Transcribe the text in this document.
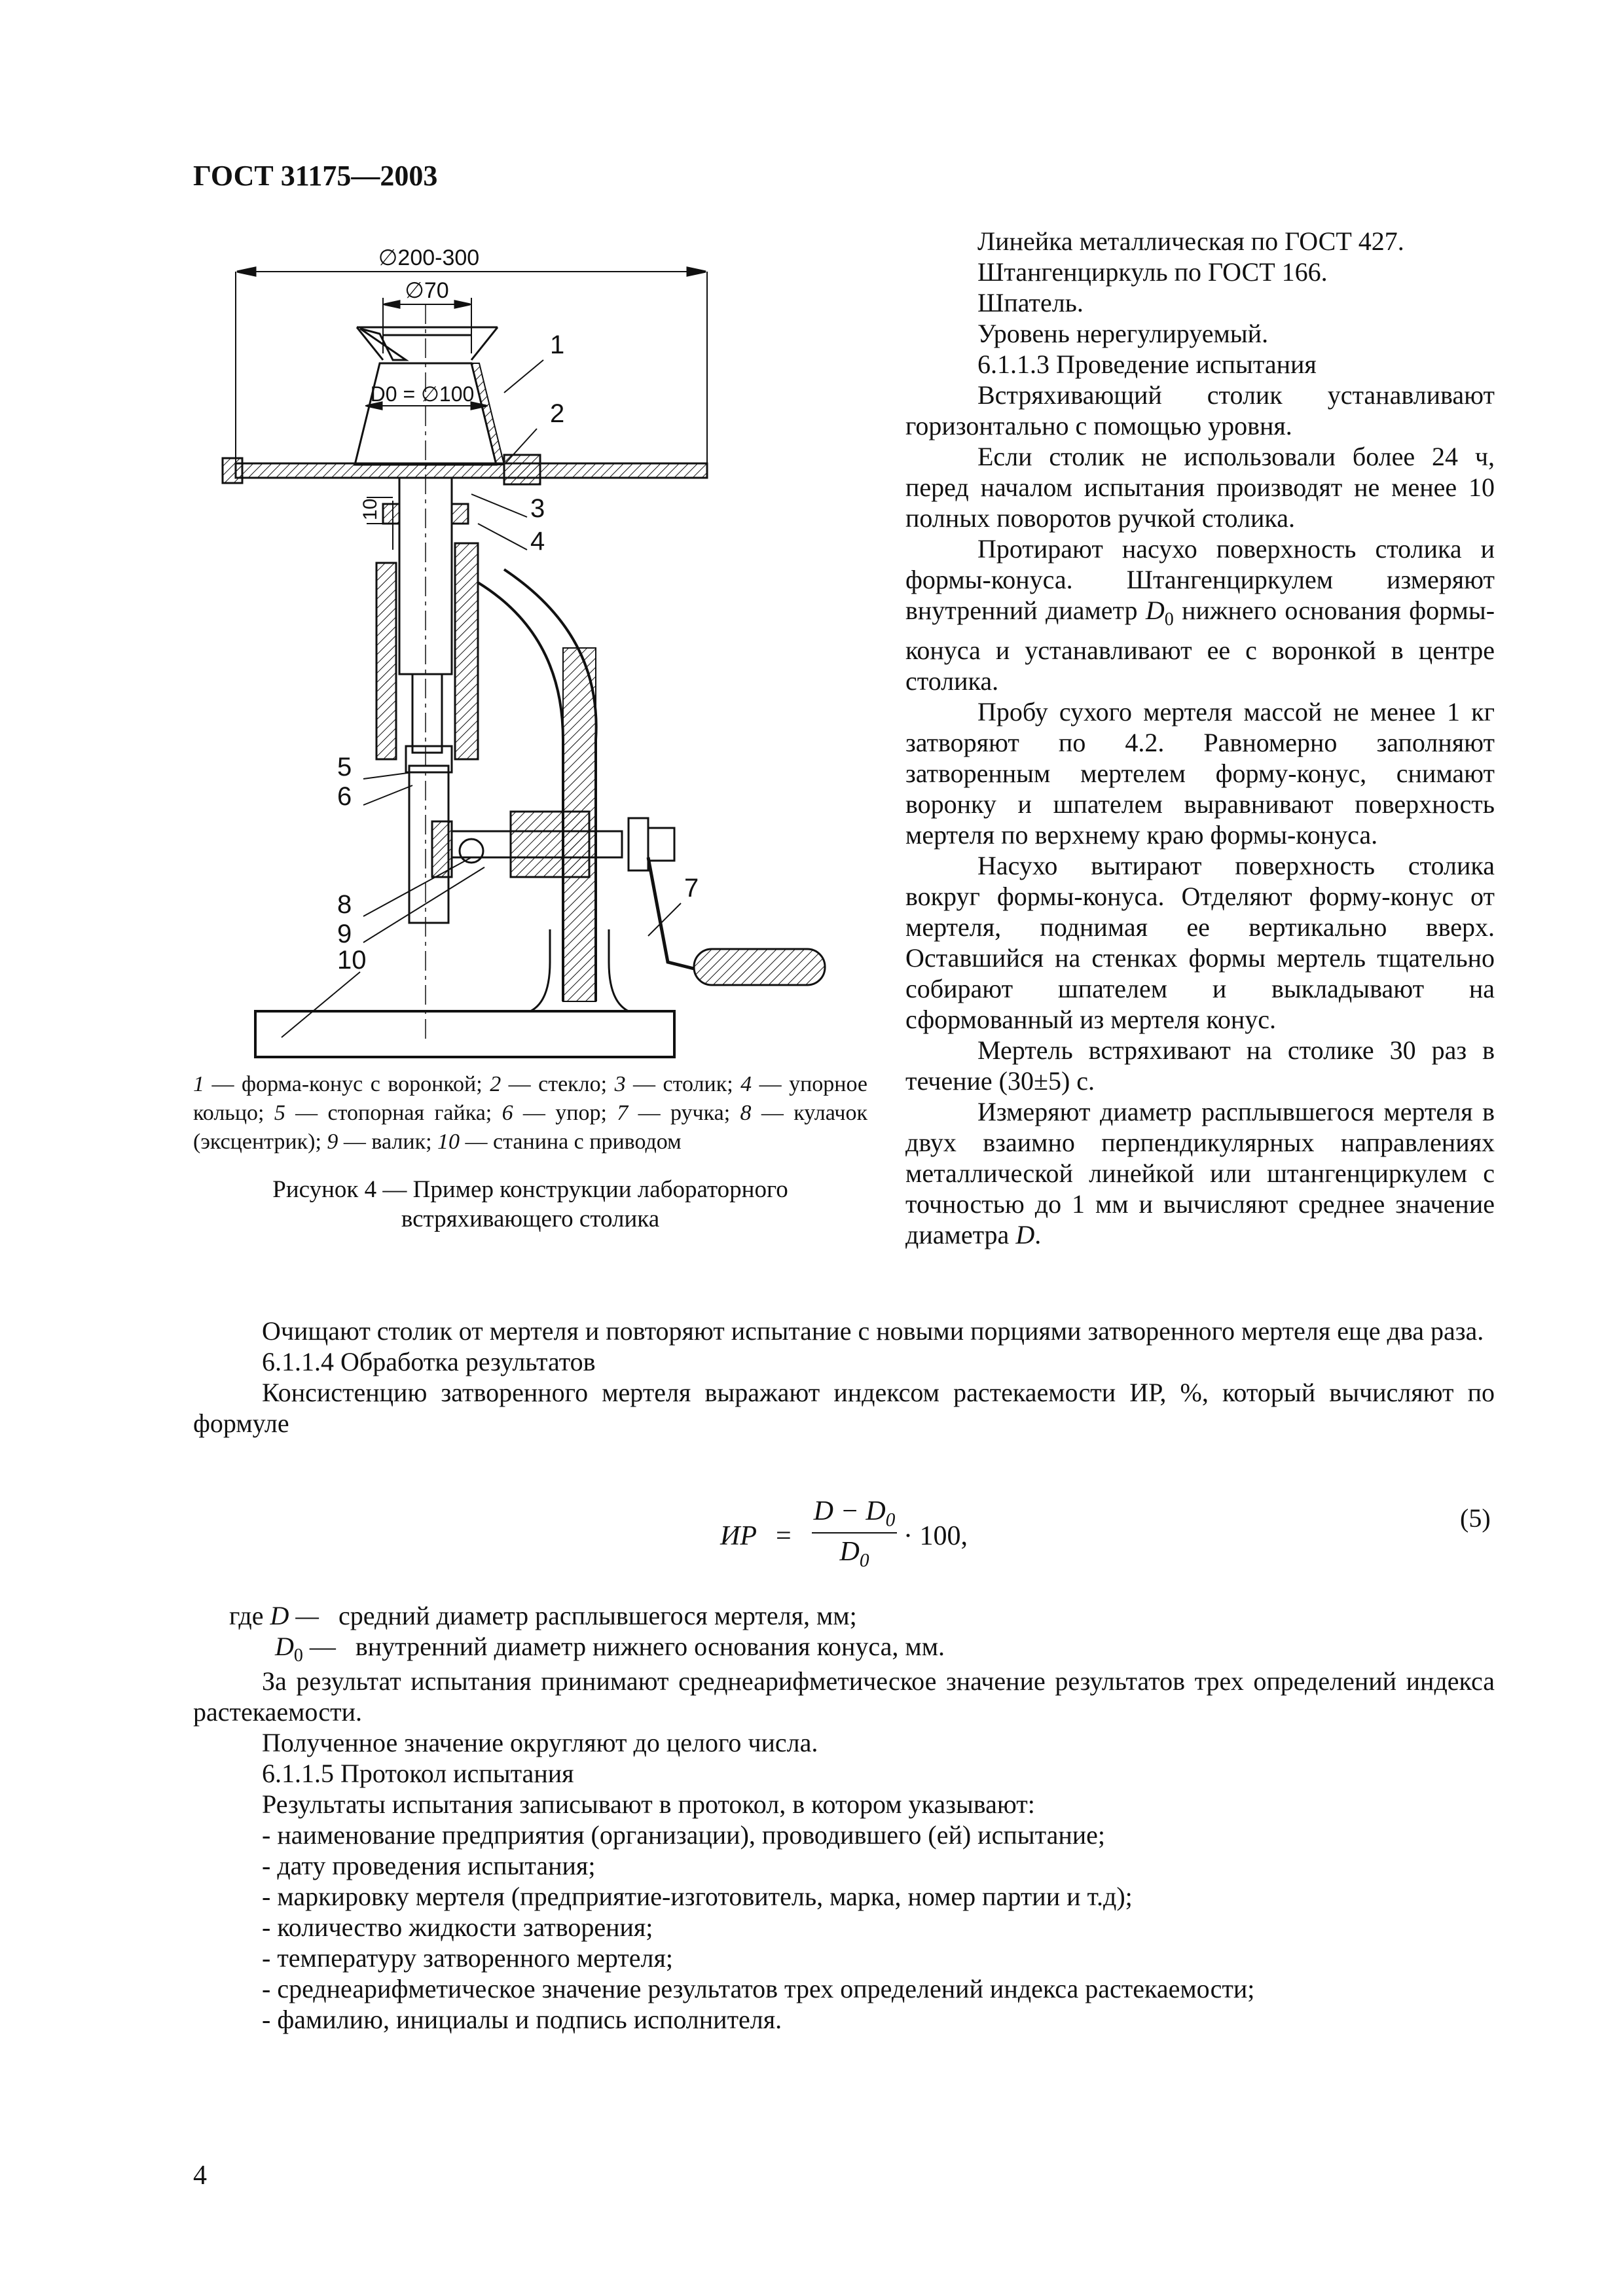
ГОСТ 31175—2003
∅200-300
∅70
D0 = ∅100
10
1
2
3
4
5
6
7
8
9
10
1 — форма-конус с воронкой; 2 — стекло; 3 — столик; 4 — упорное кольцо; 5 — стопорная гайка; 6 — упор; 7 — ручка; 8 — кулачок (эксцентрик); 9 — валик; 10 — станина с приводом
Рисунок 4 — Пример конструкции лабораторного
встряхивающего столика

Линейка металлическая по ГОСТ 427.

Штангенциркуль по ГОСТ 166.

Шпатель.

Уровень нерегулируемый.

6.1.1.3 Проведение испытания

Встряхивающий столик устанавливают горизонтально с помощью уровня.

Если столик не использовали более 24 ч, перед началом испытания производят не менее 10 полных поворотов ручкой столика.

Протирают насухо поверхность столика и формы-конуса. Штангенциркулем измеряют внутренний диаметр $D_0$ нижнего основания формы-конуса и устанавливают ее с воронкой в центре столика.

Пробу сухого мертеля массой не менее 1 кг затворяют по 4.2. Равномерно заполняют затворенным мертелем форму-конус, снимают воронку и шпателем выравнивают поверхность мертеля по верхнему краю формы-конуса.

Насухо вытирают поверхность столика вокруг формы-конуса. Отделяют форму-конус от мертеля, поднимая ее вертикально вверх. Оставшийся на стенках формы мертель тщательно собирают шпателем и выкладывают на сформованный из мертеля конус.

Мертель встряхивают на столике 30 раз в течение (30±5) с.

Измеряют диаметр расплывшегося мертеля в двух взаимно перпендикулярных направлениях металлической линейкой или штангенциркулем с точностью до 1 мм и вычисляют среднее значение диаметра D.

Очищают столик от мертеля и повторяют испытание с новыми порциями затворенного мертеля еще два раза.

6.1.1.4 Обработка результатов

Консистенцию затворенного мертеля выражают индексом растекаемости ИР, %, который вычисляют по формуле

ИР =
$D - D_0$
$D_0$
· 100,
(5)
где D — средний диаметр расплывшегося мертеля, мм;
$D_0$ — внутренний диаметр нижнего основания конуса, мм.

За результат испытания принимают среднеарифметическое значение результатов трех определений индекса растекаемости.

Полученное значение округляют до целого числа.

6.1.1.5 Протокол испытания

Результаты испытания записывают в протокол, в котором указывают:

- наименование предприятия (организации), проводившего (ей) испытание;
- дату проведения испытания;
- маркировку мертеля (предприятие-изготовитель, марка, номер партии и т.д);
- количество жидкости затворения;
- температуру затворенного мертеля;
- среднеарифметическое значение результатов трех определений индекса растекаемости;
- фамилию, инициалы и подпись исполнителя.
4
